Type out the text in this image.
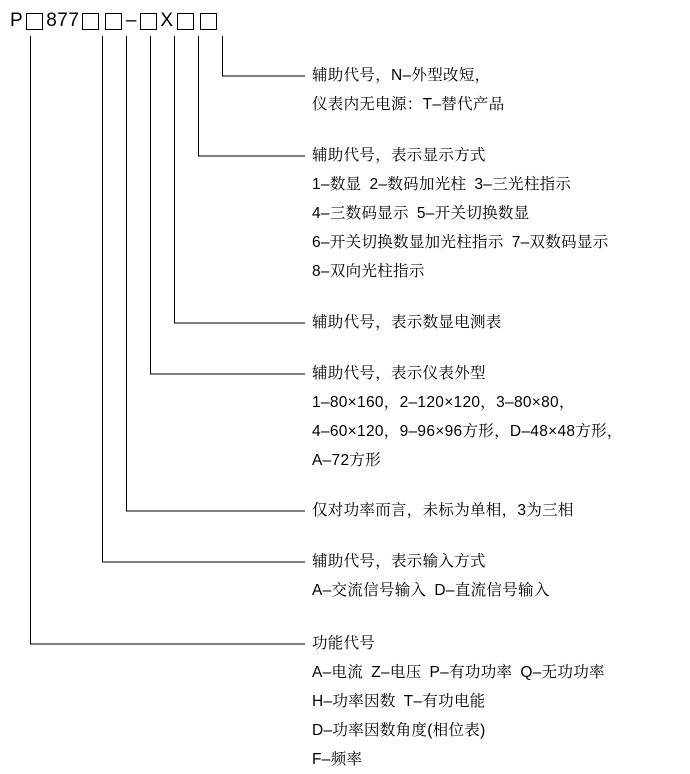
P 877 – X
辅助代号，N–外型改短，
仪表内无电源：T–替代产品
辅助代号，表示显示方式
1–数显 2–数码加光柱 3–三光柱指示
4–三数码显示 5–开关切换数显
6–开关切换数显加光柱指示 7–双数码显示
8–双向光柱指示
辅助代号，表示数显电测表
辅助代号，表示仪表外型
1–80×160，2–120×120，3–80×80，
4–60×120，9–96×96方形，D–48×48方形，
A–72方形
仅对功率而言，未标为单相，3为三相
辅助代号，表示输入方式
A–交流信号输入 D–直流信号输入
功能代号
A–电流 Z–电压 P–有功功率 Q–无功功率
H–功率因数 T–有功电能
D–功率因数角度(相位表)
F–频率
